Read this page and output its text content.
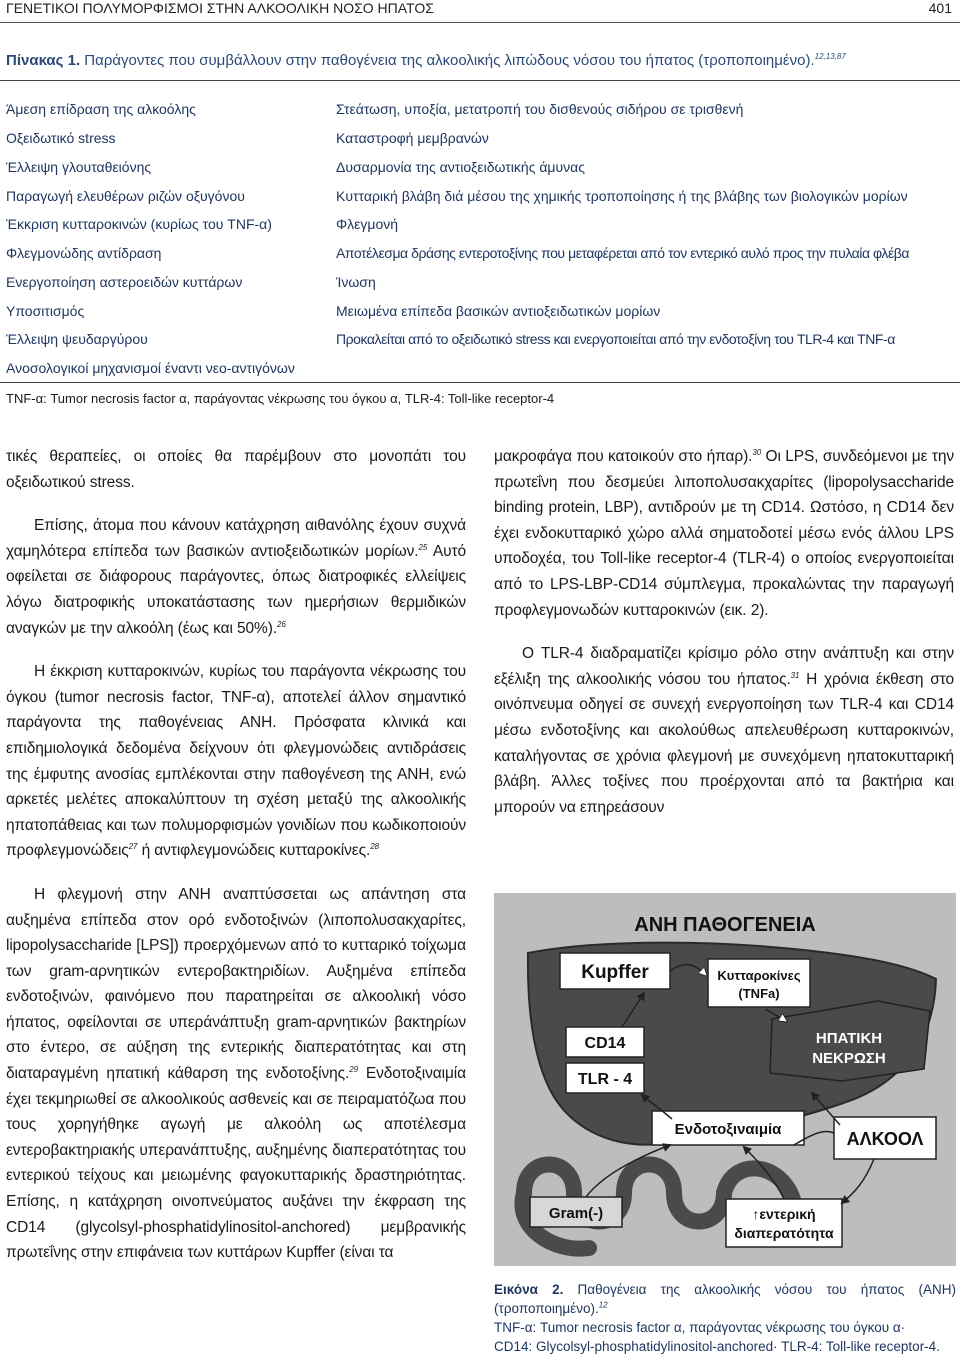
ΓΕΝΕΤΙΚΟΙ ΠΟΛΥΜΟΡΦΙΣΜΟΙ ΣΤΗΝ ΑΛΚΟΟΛΙΚΗ ΝΟΣΟ ΗΠΑΤΟΣ	401
Πίνακας 1. Παράγοντες που συμβάλλουν στην παθογένεια της αλκοολικής λιπώδους νόσου του ήπατος (τροποποιημένο).$^{12,13,87}$
Άμεση επίδραση της αλκοόλης	Στεάτωση, υποξία, μετατροπή του δισθενούς σιδήρου σε τρισθενή
Οξειδωτικό stress	Καταστροφή μεμβρανών
Έλλειψη γλουταθειόνης	Δυσαρμονία της αντιοξειδωτικής άμυνας
Παραγωγή ελευθέρων ριζών οξυγόνου	Κυτταρική βλάβη διά μέσου της χημικής τροποποίησης ή της βλάβης των βιολογικών μορίων
Έκκριση κυτταροκινών (κυρίως του TNF-α)	Φλεγμονή
Φλεγμονώδης αντίδραση	Αποτέλεσμα δράσης εντεροτοξίνης που μεταφέρεται από τον εντερικό αυλό προς την πυλαία φλέβα
Ενεργοποίηση αστεροειδών κυττάρων	Ίνωση
Υποσιτισμός	Μειωμένα επίπεδα βασικών αντιοξειδωτικών μορίων
Έλλειψη ψευδαργύρου	Προκαλείται από το οξειδωτικό stress και ενεργοποιείται από την ενδοτοξίνη του TLR-4 και TNF-α
Ανοσολογικοί μηχανισμοί έναντι νεο-αντιγόνων
TNF-α: Tumor necrosis factor α, παράγοντας νέκρωσης του όγκου α, TLR-4: Toll-like receptor-4

τικές θεραπείες, οι οποίες θα παρέμβουν στο μονοπάτι του οξειδωτικού stress.

Επίσης, άτομα που κάνουν κατάχρηση αιθανόλης έχουν συχνά χαμηλότερα επίπεδα των βασικών αντιοξειδωτικών μορίων.$^{25}$ Αυτό οφείλεται σε διάφορους παράγοντες, όπως διατροφικές ελλείψεις λόγω διατροφικής υποκατάστασης των ημερήσιων θερμιδικών αναγκών με την αλκοόλη (έως και 50%).$^{26}$

Η έκκριση κυτταροκινών, κυρίως του παράγοντα νέκρωσης του όγκου (tumor necrosis factor, TNF-α), αποτελεί άλλον σημαντικό παράγοντα της παθογένειας ΑΝΗ. Πρόσφατα κλινικά και επιδημιολογικά δεδομένα δείχνουν ότι φλεγμονώδεις αντιδράσεις της έμφυτης ανοσίας εμπλέκονται στην παθογένεση της ΑΝΗ, ενώ αρκετές μελέτες αποκαλύπτουν τη σχέση μεταξύ της αλκοολικής ηπατοπάθειας και των πολυμορφισμών γονιδίων που κωδικοποιούν προφλεγμονώδεις$^{27}$ ή αντιφλεγμονώδεις κυτταροκίνες.$^{28}$

Η φλεγμονή στην ΑΝΗ αναπτύσσεται ως απάντηση στα αυξημένα επίπεδα στον ορό ενδοτοξινών (λιποπολυσακχαρίτες, lipopolysaccharide [LPS]) προερχόμενων από το κυτταρικό τοίχωμα των gram-αρνητικών εντεροβακτηριδίων. Αυξημένα επίπεδα ενδοτοξινών, φαινόμενο που παρατηρείται σε αλκοολική νόσο ήπατος, οφείλονται σε υπεράνάπτυξη gram-αρνητικών βακτηρίων στο έντερο, σε αύξηση της εντερικής διαπερατότητας και στη διαταραγμένη ηπατική κάθαρση της ενδοτοξίνης.$^{29}$ Ενδοτοξιναιμία έχει τεκμηριωθεί σε αλκοολικούς ασθενείς και σε πειραματόζωα που τους χορηγήθηκε αγωγή με αλκοόλη ως αποτέλεσμα εντεροβακτηριακής υπερανάπτυξης, αυξημένης διαπερατότητας του εντερικού τείχους και μειωμένης φαγοκυτταρικής δραστηριότητας. Επίσης, η κατάχρηση οινοπνεύματος αυξάνει την έκφραση της CD14 (glycolsyl-phosphatidylinositol-anchored) μεμβρανικής πρωτεΐνης στην επιφάνεια των κυττάρων Kupffer (είναι τα

μακροφάγα που κατοικούν στο ήπαρ).$^{30}$ Οι LPS, συνδεόμενοι με την πρωτεΐνη που δεσμεύει λιποπολυσακχαρίτες (lipopolysaccharide binding protein, LBP), αντιδρούν με τη CD14. Ωστόσο, η CD14 δεν έχει ενδοκυτταρικό χώρο αλλά σηματοδοτεί μέσω ενός άλλου LPS υποδοχέα, του Toll-like receptor-4 (TLR-4) ο οποίος ενεργοποιείται από το LPS-LBP-CD14 σύμπλεγμα, προκαλώντας την παραγωγή προφλεγμονωδών κυτταροκινών (εικ. 2).

Ο TLR-4 διαδραματίζει κρίσιμο ρόλο στην ανάπτυξη και στην εξέλιξη της αλκοολικής νόσου του ήπατος.$^{31}$ Η χρόνια έκθεση στο οινόπνευμα οδηγεί σε συνεχή ενεργοποίηση των TLR-4 και CD14 μέσω ενδοτοξίνης και ακολούθως απελευθέρωση κυτταροκινών, καταλήγοντας σε χρόνια φλεγμονή με συνεχόμενη ηπατοκυτταρική βλάβη. Άλλες τοξίνες που προέρχονται από τα βακτήρια και μπορούν να επηρεάσουν

ΑΝΗ ΠΑΘΟΓΕΝΕΙΑ
Kupffer	Κυτταροκίνες
(TNFa)
CD14
TLR - 4
ΗΠΑΤΙΚΗ
ΝΕΚΡΩΣΗ
Ενδοτοξιναιμία	ΑΛΚΟΟΛ
Gram(-)	↑εντερική
διαπερατότητα
Εικόνα 2. Παθογένεια της αλκοολικής νόσου του ήπατος (ΑΝΗ) (τροποποιημένο).$^{12}$
TNF-α: Tumor necrosis factor α, παράγοντας νέκρωσης του όγκου α·
CD14: Glycolsyl-phosphatidylinositol-anchored· TLR-4: Toll-like receptor-4.
